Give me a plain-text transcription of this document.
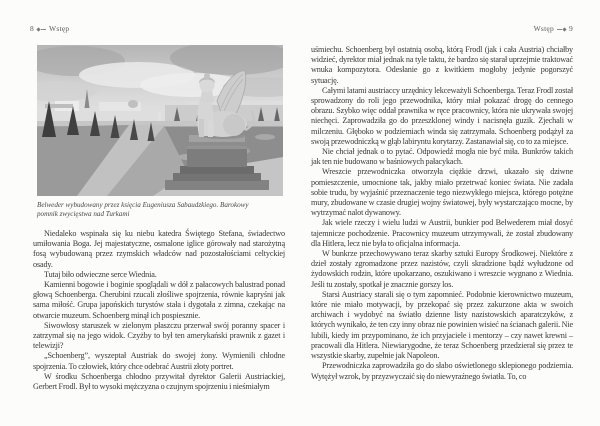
8 Wstęp
Belweder wybudowany przez księcia Eugeniusza Sabaudzkiego. Barokowy pomnik zwycięstwa nad Turkami

Niedaleko wspinała się ku niebu katedra Świętego Stefana, świadectwo umiłowania Boga. Jej majestatyczne, osmalone iglice górowały nad starożytną fosą wybudowaną przez rzymskich władców nad pozostałościami celtyckiej osady.

Tutaj biło odwieczne serce Wiednia.

Kamienni bogowie i boginie spoglądali w dół z pałacowych balustrad ponad głową Schoenberga. Cherubini rzucali złośliwe spojrzenia, równie kapryśni jak sama miłość. Grupa japońskich turystów stała i dygotała z zimna, czekając na otwarcie muzeum. Schoenberg minął ich pospiesznie.

Siwowłosy staruszek w zielonym płaszczu przerwał swój poranny spacer i zatrzymał się na jego widok. Czyżby to był ten amerykański prawnik z gazet i telewizji?

„Schoenberg”, wyszeptał Austriak do swojej żony. Wymienili chłodne spojrzenia. To człowiek, który chce odebrać Austrii złoty portret.

W środku Schoenberga chłodno przywitał dyrektor Galerii Austriackiej, Gerbert Frodl. Był to wysoki mężczyzna o czujnym spojrzeniu i nieśmiałym

Wstęp 9

uśmiechu. Schoenberg był ostatnią osobą, którą Frodl (jak i cała Austria) chciałby widzieć, dyrektor miał jednak na tyle taktu, że bardzo się starał uprzejmie traktować wnuka kompozytora. Odesłanie go z kwitkiem mogłoby jedynie pogorszyć sytuację.

Całymi latami austriaccy urzędnicy lekceważyli Schoenberga. Teraz Frodl został sprowadzony do roli jego przewodnika, który miał pokazać drogę do cennego obrazu. Szybko więc oddał prawnika w ręce pracownicy, która nie ukrywała swojej niechęci. Zaprowadziła go do przeszklonej windy i nacisnęła guzik. Zjechali w milczeniu. Głęboko w podziemiach winda się zatrzymała. Schoenberg podążył za swoją przewodniczką w głąb labiryntu korytarzy. Zastanawiał się, co to za miejsce.

Nie chciał jednak o to pytać. Odpowiedź mogła nie być miła. Bunkrów takich jak ten nie budowano w baśniowych pałacykach.

Wreszcie przewodniczka otworzyła ciężkie drzwi, ukazało się dziwne pomieszczenie, umocnione tak, jakby miało przetrwać koniec świata. Nie zadała sobie trudu, by wyjaśnić przeznaczenie tego niezwykłego miejsca, którego potężne mury, zbudowane w czasie drugiej wojny światowej, były wystarczająco mocne, by wytrzymać nalot dywanowy.

Jak wiele rzeczy i wielu ludzi w Austrii, bunkier pod Belwederem miał dosyć tajemnicze pochodzenie. Pracownicy muzeum utrzymywali, że został zbudowany dla Hitlera, lecz nie była to oficjalna informacja.

W bunkrze przechowywano teraz skarby sztuki Europy Środkowej. Niektóre z dzieł zostały zgromadzone przez nazistów, czyli skradzione bądź wyłudzone od żydowskich rodzin, które upokarzano, oszukiwano i wreszcie wygnano z Wiednia. Jeśli tu zostały, spotkał je znacznie gorszy los.

Starsi Austriacy starali się o tym zapomnieć. Podobnie kierownictwo muzeum, które nie miało motywacji, by przekopać się przez zakurzone akta w swoich archiwach i wydobyć na światło dzienne listy nazistowskich aparatczyków, z których wynikało, że ten czy inny obraz nie powinien wisieć na ścianach galerii. Nie lubili, kiedy im przypominano, że ich przyjaciele i mentorzy – czy nawet krewni – pracowali dla Hitlera. Niewiarygodne, że teraz Schoenberg przedzierał się przez te wszystkie skarby, zupełnie jak Napoleon.

Przewodniczka zaprowadziła go do słabo oświetlonego sklepionego podziemia. Wytężył wzrok, by przyzwyczaić się do niewyraźnego światła. To, co
